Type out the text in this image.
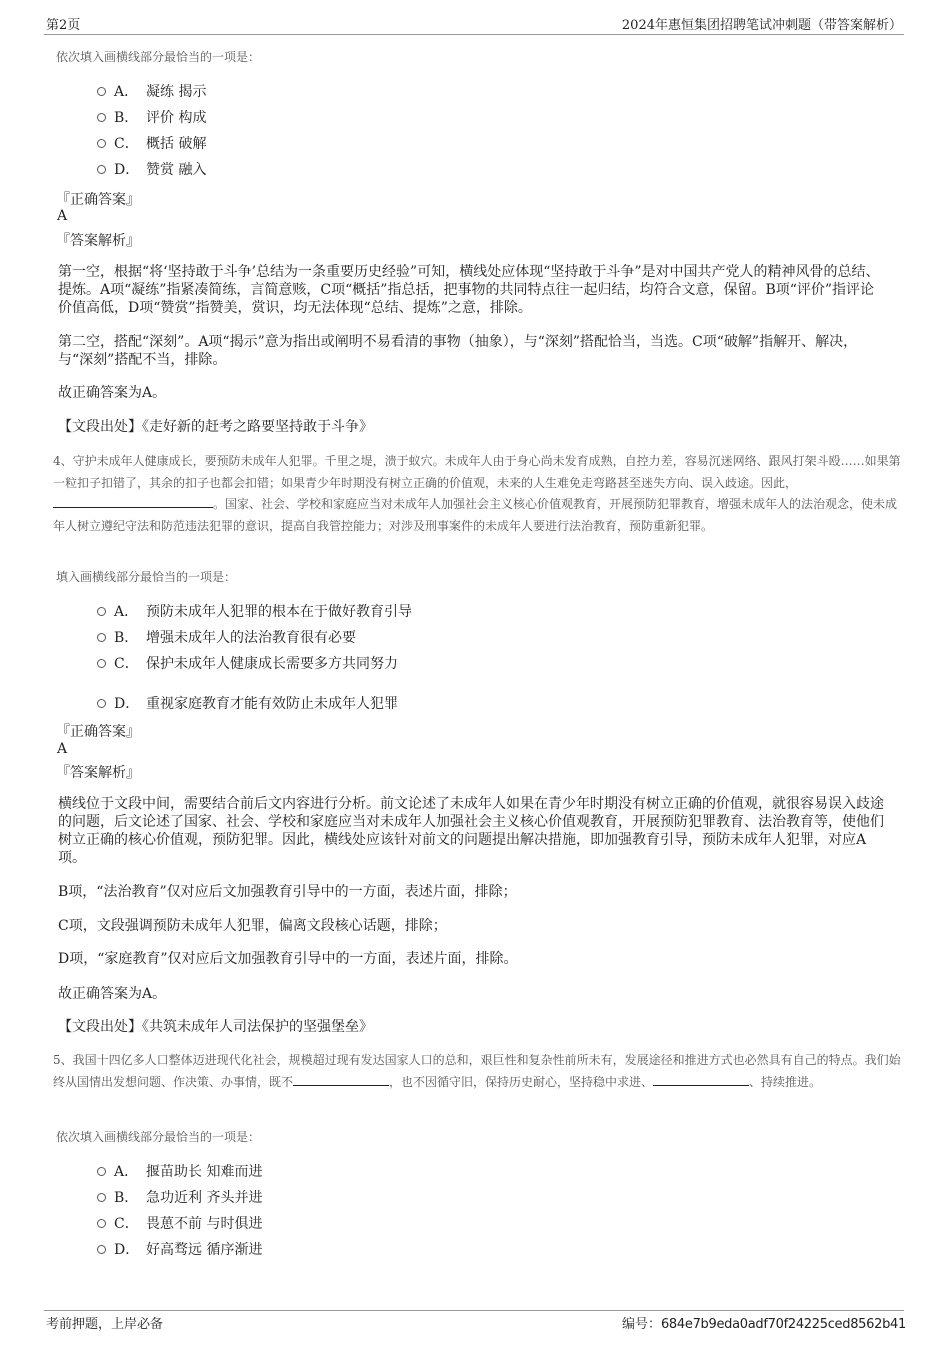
第2页	2024年惠恒集团招聘笔试冲刺题（带答案解析）
依次填入画横线部分最恰当的一项是：
A． 凝练 揭示
B． 评价 构成
C． 概括 破解
D． 赞赏 融入
『正确答案』
A
『答案解析』
第一空，根据“将‘坚持敢于斗争’总结为一条重要历史经验”可知，横线处应体现“坚持敢于斗争”是对中国共产党人的精神风骨的总结、提炼。A项“凝练”指紧凑简练，言简意赅，C项“概括”指总括，把事物的共同特点往一起归结，均符合文意，保留。B项“评价”指评论价值高低，D项“赞赏”指赞美，赏识，均无法体现“总结、提炼”之意，排除。
第二空，搭配“深刻”。A项“揭示”意为指出或阐明不易看清的事物（抽象），与“深刻”搭配恰当，当选。C项“破解”指解开、解决，与“深刻”搭配不当，排除。
故正确答案为A。
【文段出处】《走好新的赶考之路要坚持敢于斗争》
4、守护未成年人健康成长，要预防未成年人犯罪。千里之堤，溃于蚁穴。未成年人由于身心尚未发育成熟，自控力差，容易沉迷网络、跟风打架斗殴……如果第一粒扣子扣错了，其余的扣子也都会扣错；如果青少年时期没有树立正确的价值观，未来的人生难免走弯路甚至迷失方向、误入歧途。因此，。国家、社会、学校和家庭应当对未成年人加强社会主义核心价值观教育，开展预防犯罪教育，增强未成年人的法治观念，使未成年人树立遵纪守法和防范违法犯罪的意识，提高自我管控能力；对涉及刑事案件的未成年人要进行法治教育，预防重新犯罪。
填入画横线部分最恰当的一项是：
A． 预防未成年人犯罪的根本在于做好教育引导
B． 增强未成年人的法治教育很有必要
C． 保护未成年人健康成长需要多方共同努力
D． 重视家庭教育才能有效防止未成年人犯罪
『正确答案』
A
『答案解析』
横线位于文段中间，需要结合前后文内容进行分析。前文论述了未成年人如果在青少年时期没有树立正确的价值观，就很容易误入歧途的问题，后文论述了国家、社会、学校和家庭应当对未成年人加强社会主义核心价值观教育，开展预防犯罪教育、法治教育等，使他们树立正确的核心价值观，预防犯罪。因此，横线处应该针对前文的问题提出解决措施，即加强教育引导，预防未成年人犯罪，对应A项。
B项，“法治教育”仅对应后文加强教育引导中的一方面，表述片面，排除；
C项，文段强调预防未成年人犯罪，偏离文段核心话题，排除；
D项，“家庭教育”仅对应后文加强教育引导中的一方面，表述片面，排除。
故正确答案为A。
【文段出处】《共筑未成年人司法保护的坚强堡垒》
5、我国十四亿多人口整体迈进现代化社会，规模超过现有发达国家人口的总和，艰巨性和复杂性前所未有，发展途径和推进方式也必然具有自己的特点。我们始终从国情出发想问题、作决策、办事情，既不	，也不因循守旧，保持历史耐心，坚持稳中求进、	、持续推进。
依次填入画横线部分最恰当的一项是：
A． 揠苗助长 知难而进
B． 急功近利 齐头并进
C． 畏葸不前 与时俱进
D． 好高骛远 循序渐进
考前押题，上岸必备	编号：684e7b9eda0adf70f24225ced8562b41
